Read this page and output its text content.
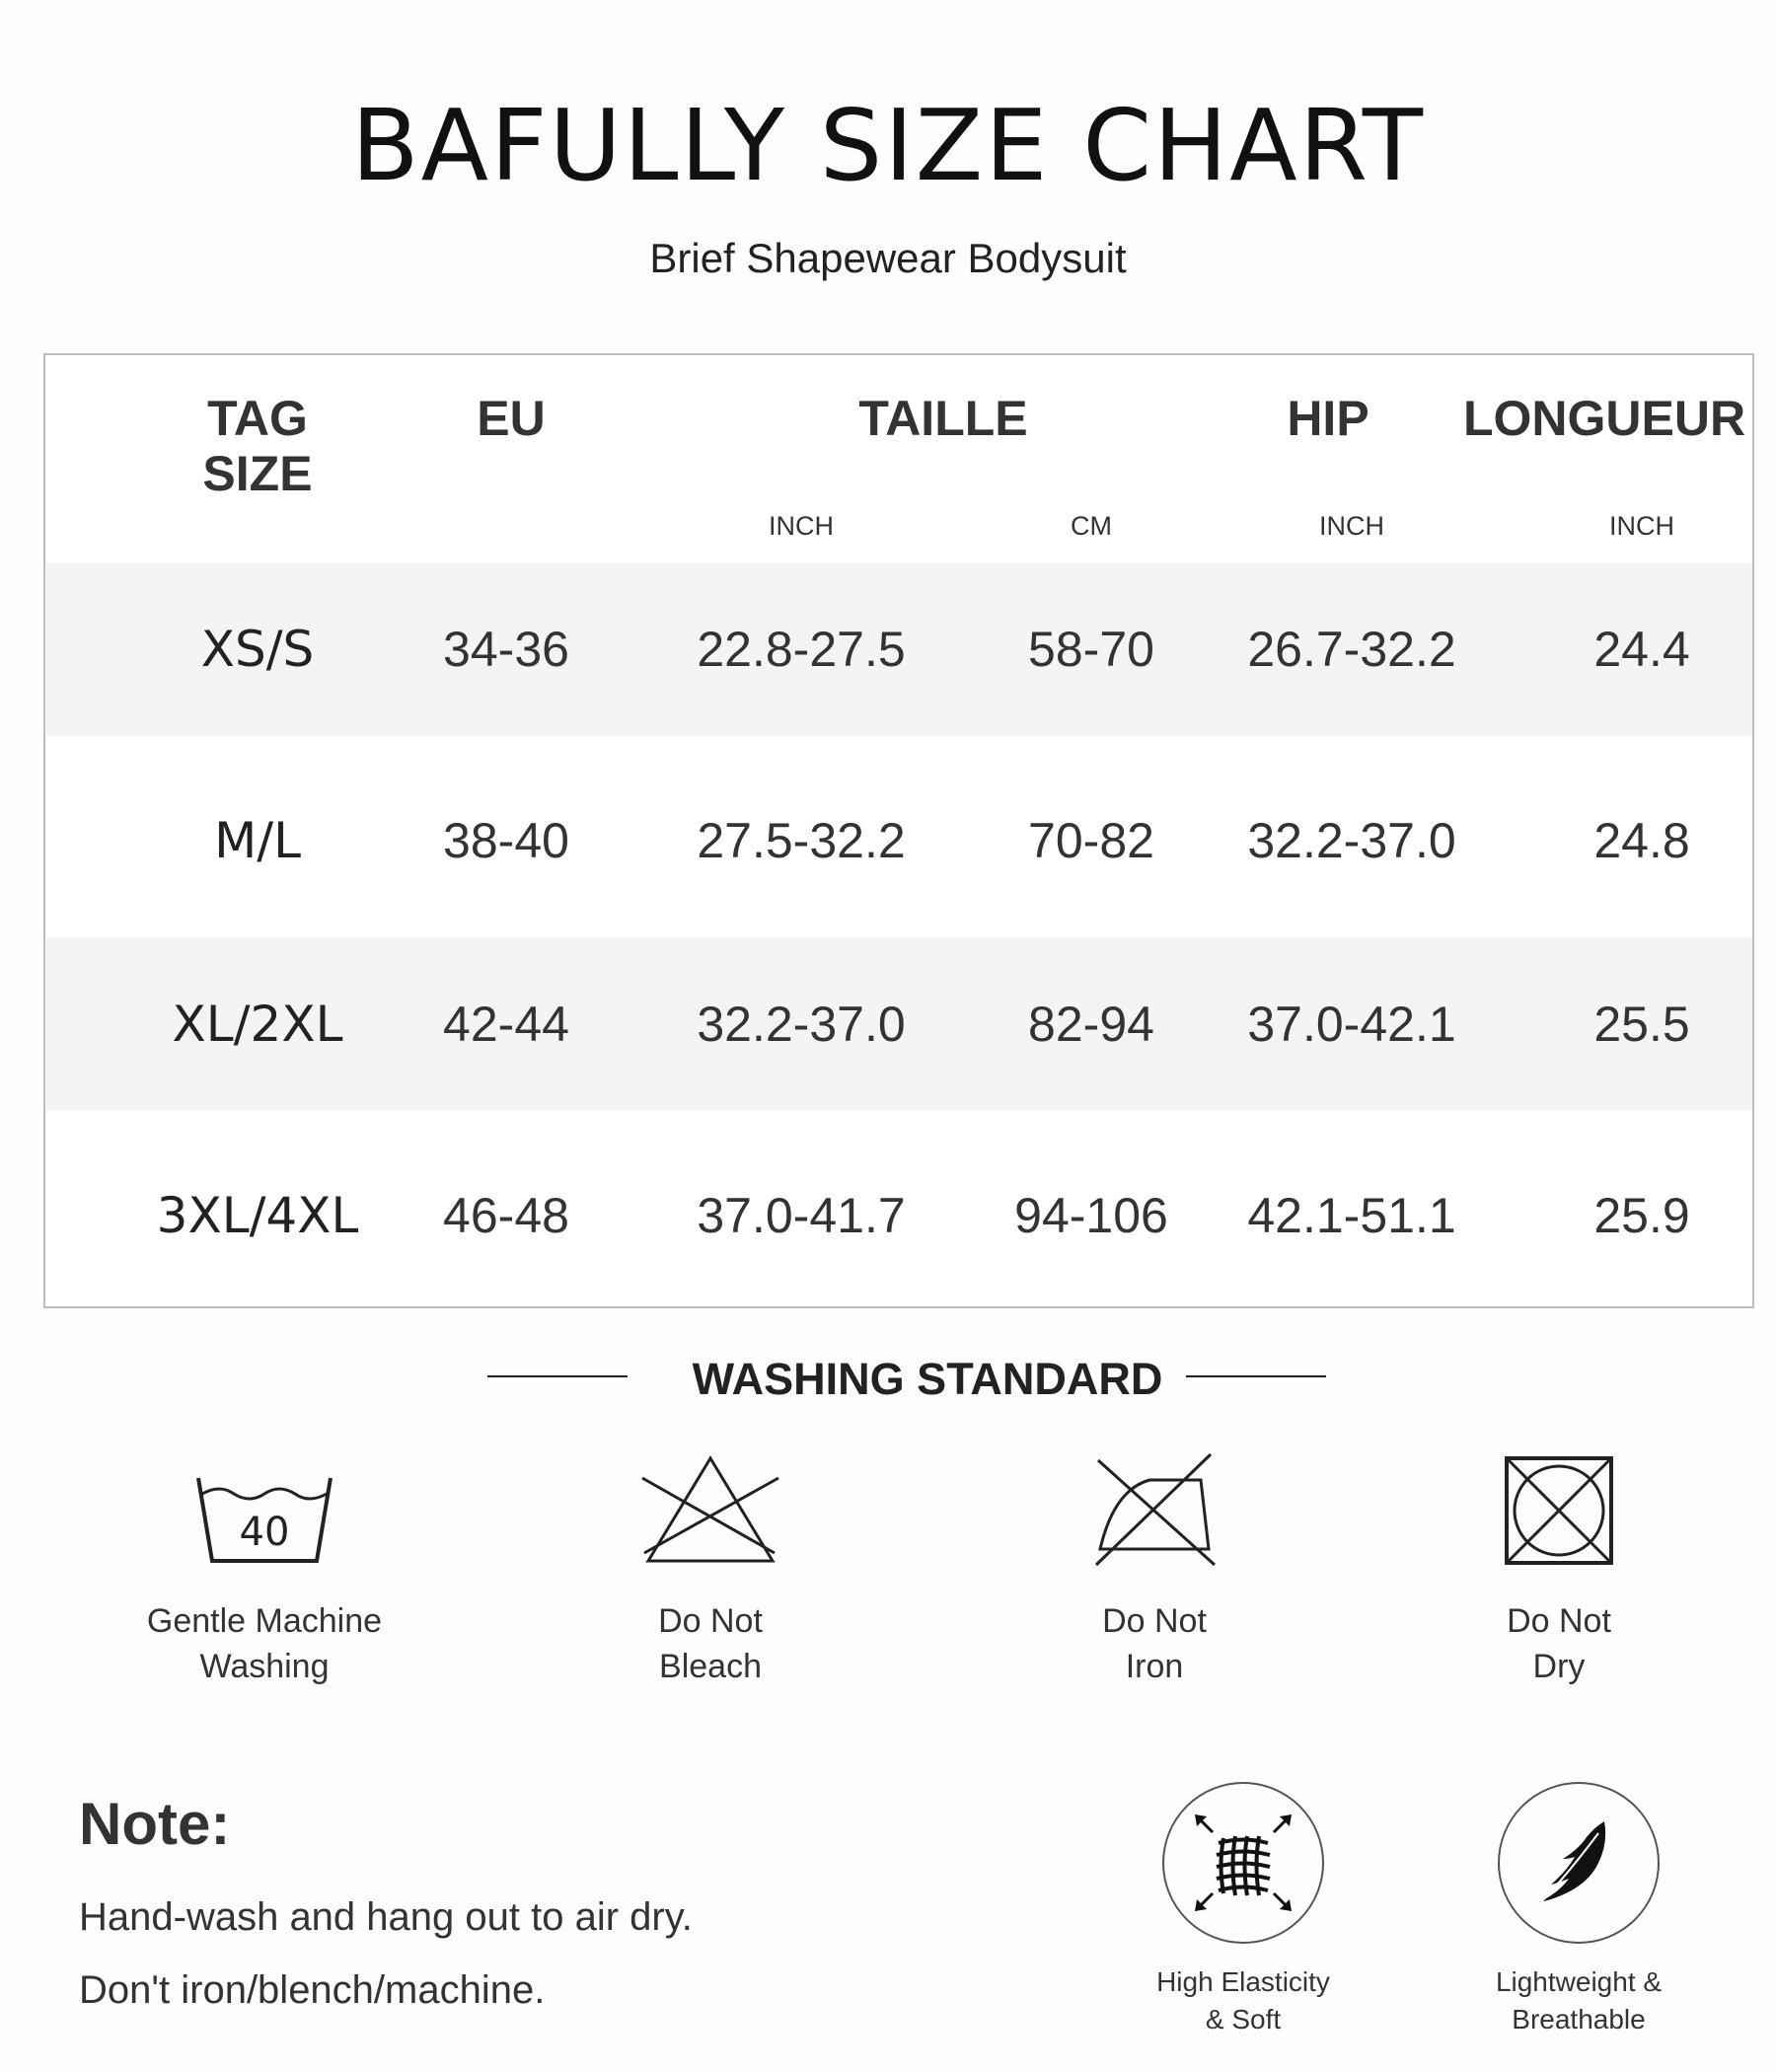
BAFULLY SIZE CHART
Brief Shapewear Bodysuit
TAG
SIZE
EU	TAILLE	HIP	LONGUEUR
INCH	CM	INCH	INCH
XS/S	34-36	22.8-27.5	58-70	26.7-32.2	24.4
M/L	38-40	27.5-32.2	70-82	32.2-37.0	24.8
XL/2XL	42-44	32.2-37.0	82-94	37.0-42.1	25.5
3XL/4XL	46-48	37.0-41.7	94-106	42.1-51.1	25.9
WASHING STANDARD
40
Gentle Machine
Washing
Do Not
Bleach
Do Not
Iron
Do Not
Dry
Note:
Hand-wash and hang out to air dry.
Don't iron/blench/machine.	High Elasticity
& Soft
Lightweight &
Breathable
